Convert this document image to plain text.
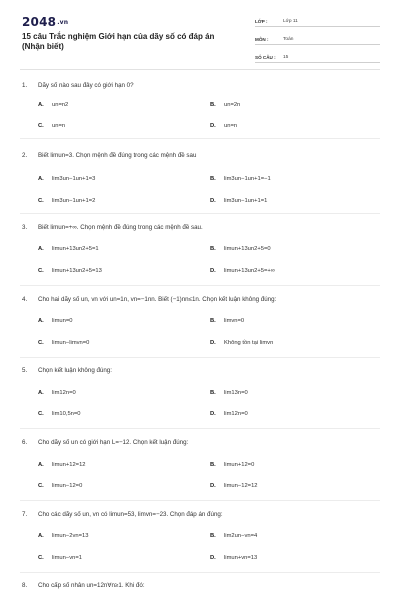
2048.vn
15 câu Trắc nghiệm Giới hạn của dãy số có đáp án (Nhận biết)
LỚP :	Lớp 11
MÔN :	Toán
SỐ CÂU :	15
1. Dãy số nào sau đây có giới hạn 0?
A. un=n2	B. un=2n
C. un=n	D. un=n
2. Biết limun=3. Chọn mệnh đề đúng trong các mệnh đề sau
A. lim3un−1un+1=3	B. lim3un−1un+1=−1
C. lim3un−1un+1=2	D. lim3un−1un+1=1
3. Biết limun=+∞. Chọn mệnh đề đúng trong các mệnh đề sau.
A. limun+13un2+5=1	B. limun+13un2+5=0
C. limun+13un2+5=13	D. limun+13un2+5=+∞
4. Cho hai dãy số un, vn với un=1n, vn=−1nn. Biết (−1)nn≤1n. Chọn kết luận không đúng:
A. limun=0	B. limvn=0
C. limun−limvn=0	D. Không tồn tại limvn
5. Chọn kết luận không đúng:
A. lim12n=0	B. lim13n=0
C. lim10,5n=0	D. lim12n=0
6. Cho dãy số un có giới hạn L=−12. Chọn kết luận đúng:
A. limun+12=12	B. limun+12=0
C. limun−12=0	D. limun−12=12
7. Cho các dãy số un, vn có limun=53, limvn=−23. Chọn đáp án đúng:
A. limun−2vn=13	B. lim2un−vn=4
C. limun−vn=1	D. limun+vn=13
8. Cho cấp số nhân un=12n∀n≥1. Khi đó:
